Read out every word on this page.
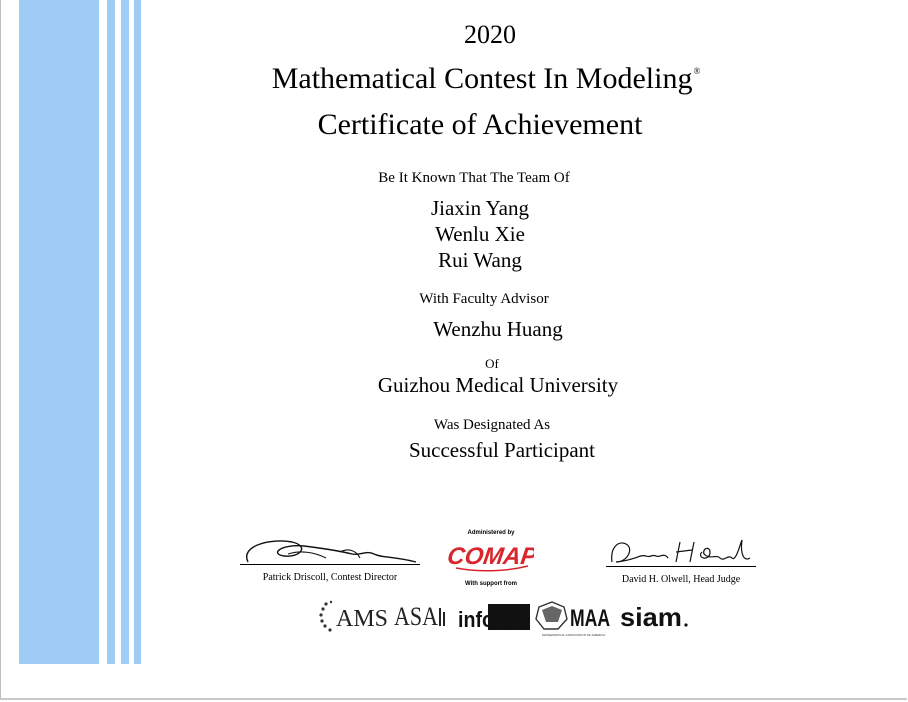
2020
Mathematical Contest In Modeling®
Certificate of Achievement
Be It Known That The Team Of
Jiaxin Yang
Wenlu Xie
Rui Wang
With Faculty Advisor
Wenzhu Huang
Of
Guizhou Medical University
Was Designated As
Successful Participant
Patrick Driscoll, Contest Director
Administered by
COMAP
With support from	David H. Olwell, Head Judge
AMS ASA informs MAA
MATHEMATICAL ASSOCIATION OF AMERICA
siam
